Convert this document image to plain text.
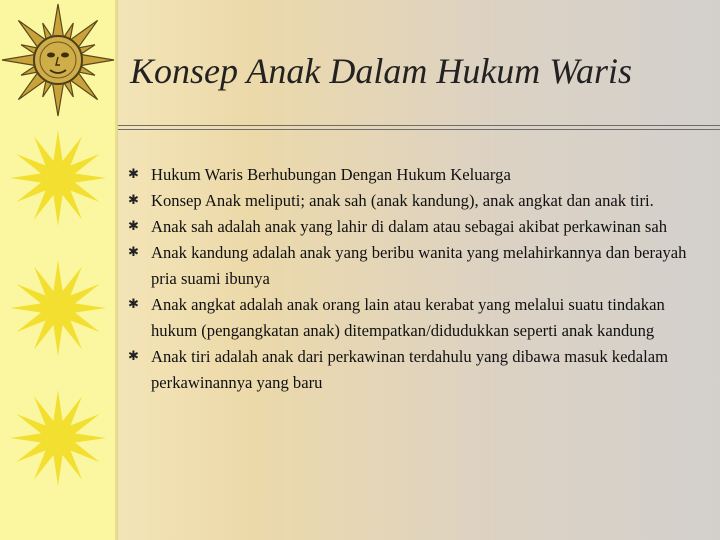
Konsep Anak Dalam Hukum Waris
✱ Hukum Waris Berhubungan Dengan Hukum Keluarga
✱ Konsep Anak meliputi; anak sah (anak kandung), anak angkat dan anak tiri.
✱ Anak sah adalah anak yang lahir di dalam atau sebagai akibat perkawinan sah
✱ Anak kandung adalah anak yang beribu wanita yang melahirkannya dan berayah pria suami ibunya
✱ Anak angkat adalah anak orang lain atau kerabat yang melalui suatu tindakan hukum (pengangkatan anak) ditempatkan/didudukkan seperti anak kandung
✱ Anak tiri adalah anak dari perkawinan terdahulu yang dibawa masuk kedalam perkawinannya yang baru
